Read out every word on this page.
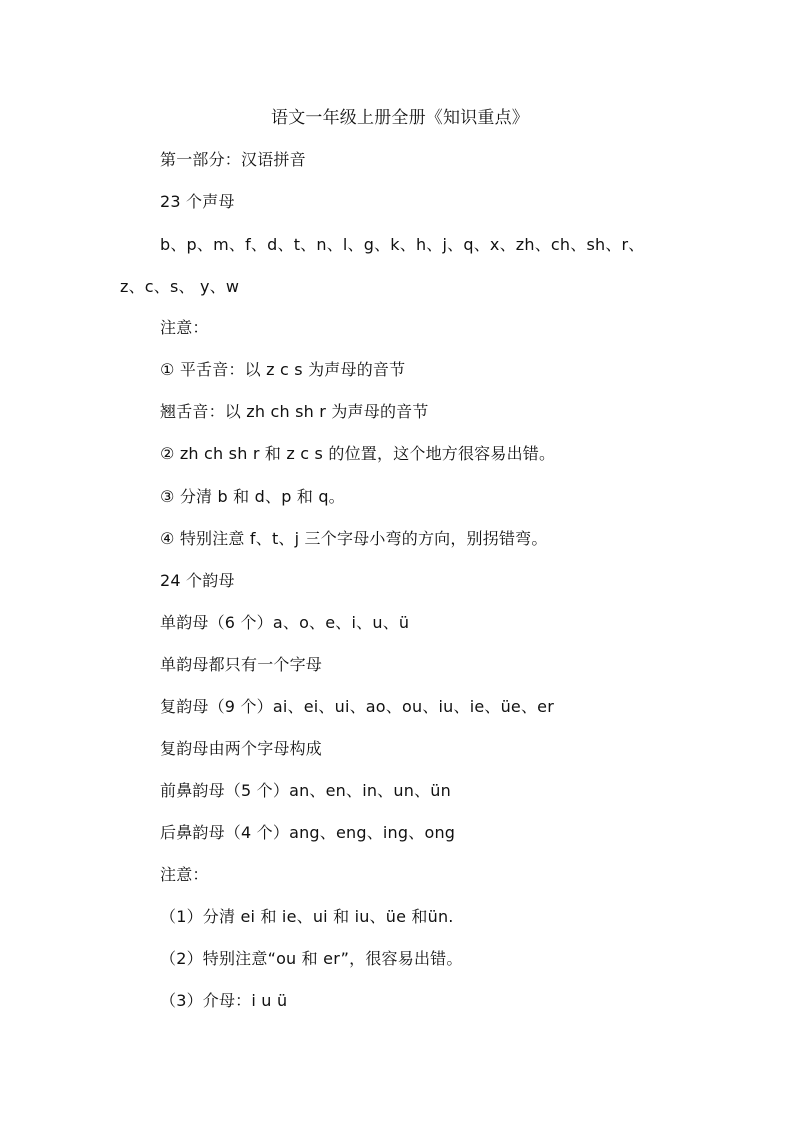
语文一年级上册全册《知识重点》
第一部分：汉语拼音
23 个声母
b、p、m、f、d、t、n、l、g、k、h、j、q、x、zh、ch、sh、r、
z、c、s、 y、w
注意：
① 平舌音：以 z c s 为声母的音节
翘舌音：以 zh ch sh r 为声母的音节
② zh ch sh r 和 z c s 的位置，这个地方很容易出错。
③ 分清 b 和 d、p 和 q。
④ 特别注意 f、t、j 三个字母小弯的方向，别拐错弯。
24 个韵母
单韵母（6 个）a、o、e、i、u、ü
单韵母都只有一个字母
复韵母（9 个）ai、ei、ui、ao、ou、iu、ie、üe、er
复韵母由两个字母构成
前鼻韵母（5 个）an、en、in、un、ün
后鼻韵母（4 个）ang、eng、ing、ong
注意：
（1）分清 ei 和 ie、ui 和 iu、üe 和ün.
（2）特别注意“ou 和 er”，很容易出错。
（3）介母：i u ü
